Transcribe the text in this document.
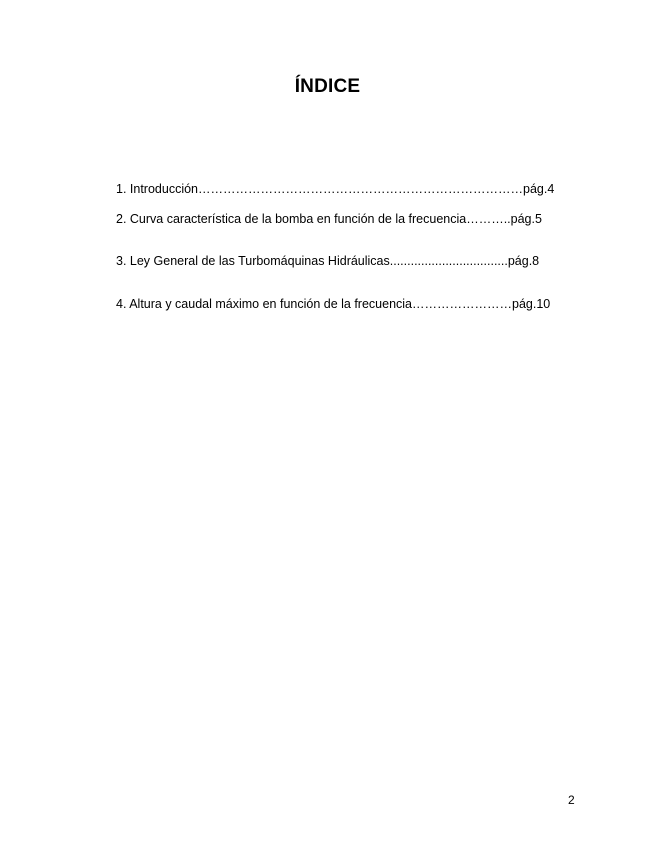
ÍNDICE
1. Introducción……………………………………………………………………pág.4
2. Curva característica de la bomba en función de la frecuencia………..pág.5
3. Ley General de las Turbomáquinas Hidráulicas..................................pág.8
4. Altura y caudal máximo en función de la frecuencia……………………pág.10
2
